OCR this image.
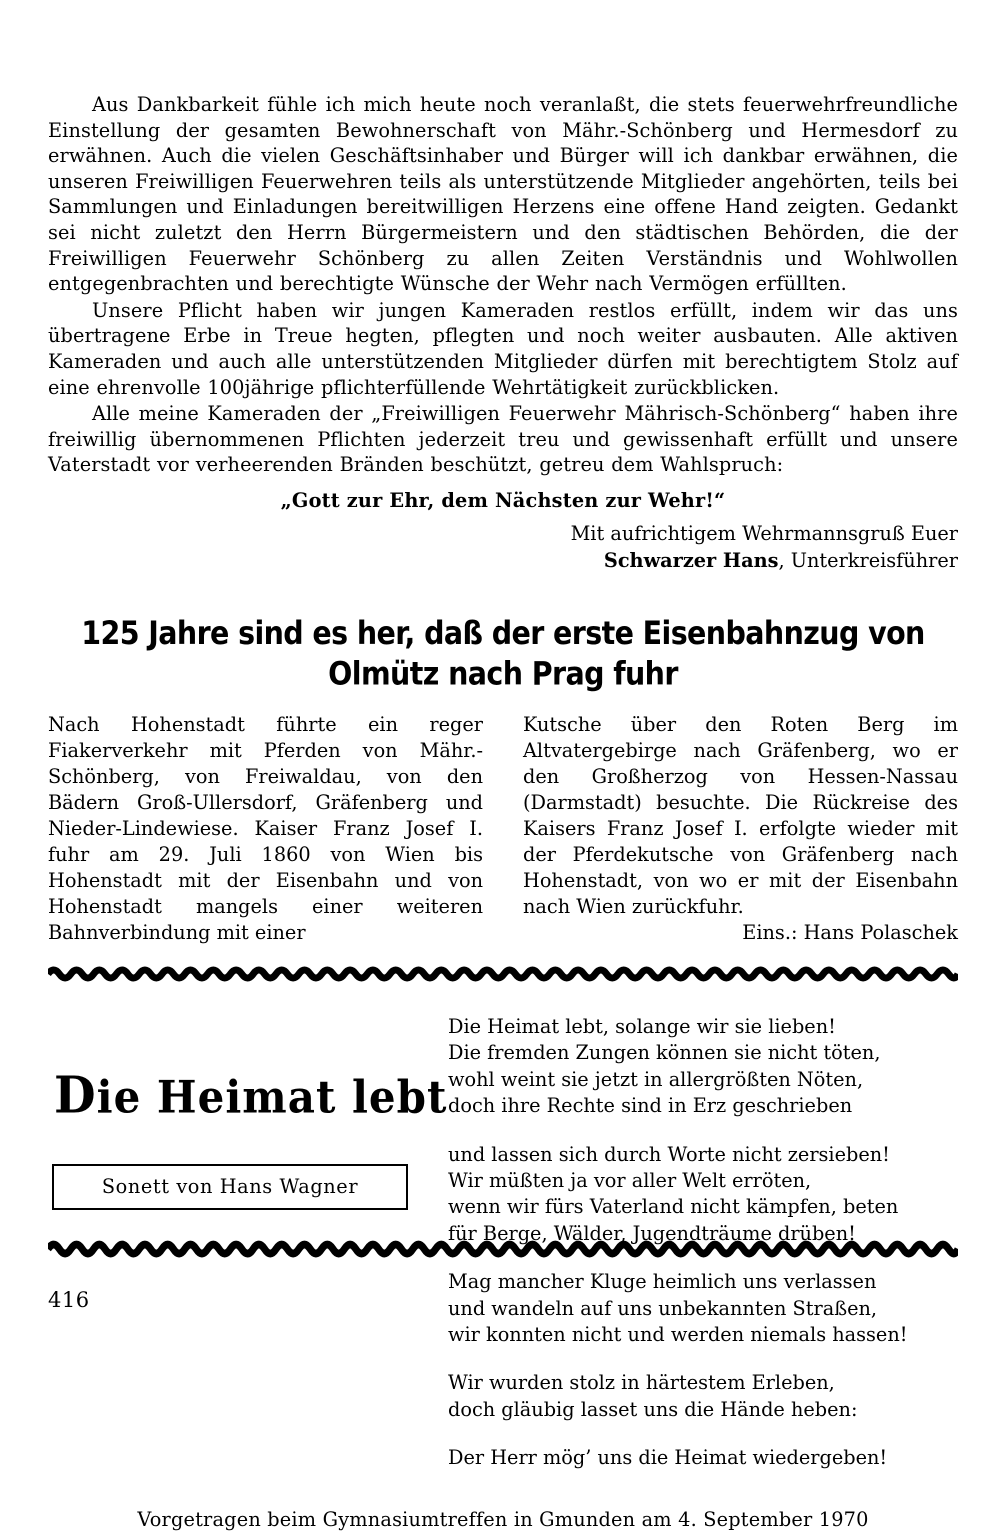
Aus Dankbarkeit fühle ich mich heute noch veranlaßt, die stets feuerwehrfreundliche Einstellung der gesamten Bewohnerschaft von Mähr.-Schönberg und Hermesdorf zu erwähnen. Auch die vielen Geschäftsinhaber und Bürger will ich dankbar erwähnen, die unseren Freiwilligen Feuerwehren teils als unterstützende Mitglieder angehörten, teils bei Sammlungen und Einladungen bereitwilligen Herzens eine offene Hand zeigten. Gedankt sei nicht zuletzt den Herrn Bürgermeistern und den städtischen Behörden, die der Freiwilligen Feuerwehr Schönberg zu allen Zeiten Verständnis und Wohlwollen entgegenbrachten und berechtigte Wünsche der Wehr nach Vermögen erfüllten.

Unsere Pflicht haben wir jungen Kameraden restlos erfüllt, indem wir das uns übertragene Erbe in Treue hegten, pflegten und noch weiter ausbauten. Alle aktiven Kameraden und auch alle unterstützenden Mitglieder dürfen mit berechtigtem Stolz auf eine ehrenvolle 100jährige pflichterfüllende Wehrtätigkeit zurückblicken.

Alle meine Kameraden der „Freiwilligen Feuerwehr Mährisch-Schönberg“ haben ihre freiwillig übernommenen Pflichten jederzeit treu und gewissenhaft erfüllt und unsere Vaterstadt vor verheerenden Bränden beschützt, getreu dem Wahlspruch:

„Gott zur Ehr, dem Nächsten zur Wehr!“

Mit aufrichtigem Wehrmannsgruß Euer

Schwarzer Hans, Unterkreisführer

125 Jahre sind es her, daß der erste Eisenbahnzug von Olmütz nach Prag fuhr

Nach Hohenstadt führte ein reger Fiakerverkehr mit Pferden von Mähr.-Schönberg, von Freiwaldau, von den Bädern Groß-Ullersdorf, Gräfenberg und Nieder-Lindewiese. Kaiser Franz Josef I. fuhr am 29. Juli 1860 von Wien bis Hohenstadt mit der Eisenbahn und von Hohenstadt mangels einer weiteren Bahnverbindung mit einer

Kutsche über den Roten Berg im Altvatergebirge nach Gräfenberg, wo er den Großherzog von Hessen-Nassau (Darmstadt) besuchte. Die Rückreise des Kaisers Franz Josef I. erfolgte wieder mit der Pferdekutsche von Gräfenberg nach Hohenstadt, von wo er mit der Eisenbahn nach Wien zurückfuhr.

Eins.: Hans Polaschek

Die Heimat lebt
Sonett von Hans Wagner
Die Heimat lebt, solange wir sie lieben!
Die fremden Zungen können sie nicht töten,
wohl weint sie jetzt in allergrößten Nöten,
doch ihre Rechte sind in Erz geschrieben
und lassen sich durch Worte nicht zersieben!
Wir müßten ja vor aller Welt erröten,
wenn wir fürs Vaterland nicht kämpfen, beten
für Berge, Wälder, Jugendträume drüben!
Mag mancher Kluge heimlich uns verlassen
und wandeln auf uns unbekannten Straßen,
wir konnten nicht und werden niemals hassen!
Wir wurden stolz in härtestem Erleben,
doch gläubig lasset uns die Hände heben:
Der Herr mög’ uns die Heimat wiedergeben!
Vorgetragen beim Gymnasiumtreffen in Gmunden am 4. September 1970
416
